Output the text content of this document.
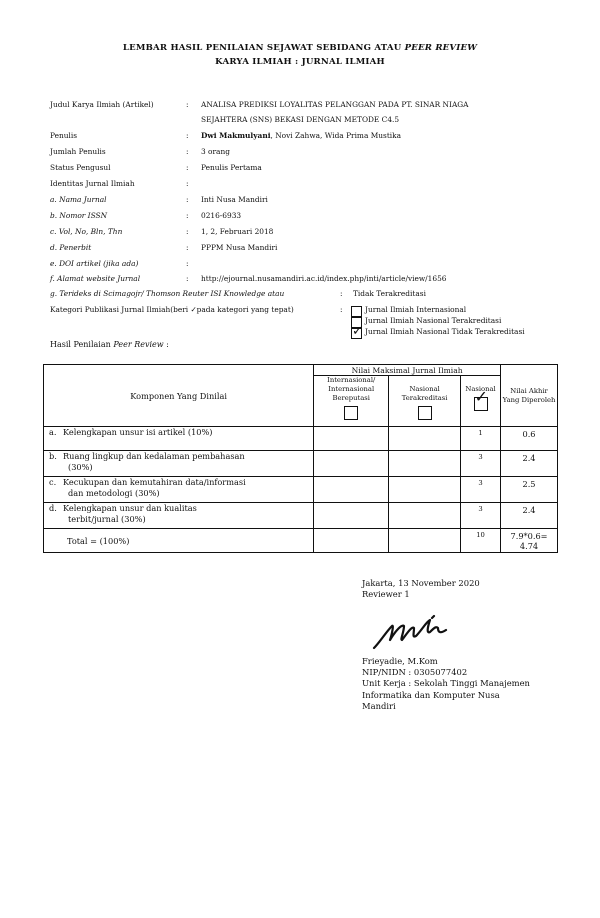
LEMBAR HASIL PENILAIAN SEJAWAT SEBIDANG ATAU PEER REVIEW
KARYA ILMIAH : JURNAL ILMIAH
Judul Karya Ilmiah (Artikel)	: ANALISA PREDIKSI LOYALITAS PELANGGAN PADA PT. SINAR NIAGA
SEJAHTERA (SNS) BEKASI DENGAN METODE C4.5
Penulis	: Dwi Makmulyani, Novi Zahwa, Wida Prima Mustika
Jumlah Penulis	: 3 orang
Status Pengusul	: Penulis Pertama
Identitas Jurnal Ilmiah	:
a. Nama Jurnal	: Inti Nusa Mandiri
b. Nomor ISSN	: 0216-6933
c. Vol, No, Bln, Thn	: 1, 2, Februari 2018
d. Penerbit	: PPPM Nusa Mandiri
e. DOI artikel (jika ada)	:
f. Alamat website Jurnal	: http://ejournal.nusamandiri.ac.id/index.php/inti/article/view/1656
g. Terideks di Scimagojr/ Thomson Reuter ISI Knowledge atau	: Tidak Terakreditasi
Kategori Publikasi Jurnal Ilmiah(beri ✓pada kategori yang tepat)	:	Jurnal Ilmiah Internasional
Jurnal Ilmiah Nasional Terakreditasi
✓
Jurnal Ilmiah Nasional Tidak Terakreditasi
Hasil Penilaian Peer Review :
Komponen Yang Dinilai	Nilai Maksimal Jurnal Ilmiah			Nilai Akhir Yang Diperoleh

	Internasional/ Internasional Bereputasi	Nasional Terakreditasi	Nasional
✓
a. Kelengkapan unsur isi artikel (10%)			1	0.6
b. Ruang lingkup dan kedalaman pembahasan
(30%)			3	2.4
c. Kecukupan dan kemutahiran data/informasi
dan metodologi (30%)			3	2.5
d. Kelengkapan unsur dan kualitas
terbit/jurnal (30%)			3	2.4
Total = (100%)			10	7.9*0.6=
4.74
Jakarta, 13 November 2020
Reviewer 1
Frieyadie, M.Kom
NIP/NIDN : 0305077402
Unit Kerja : Sekolah Tinggi Manajemen
Informatika dan Komputer Nusa
Mandiri
